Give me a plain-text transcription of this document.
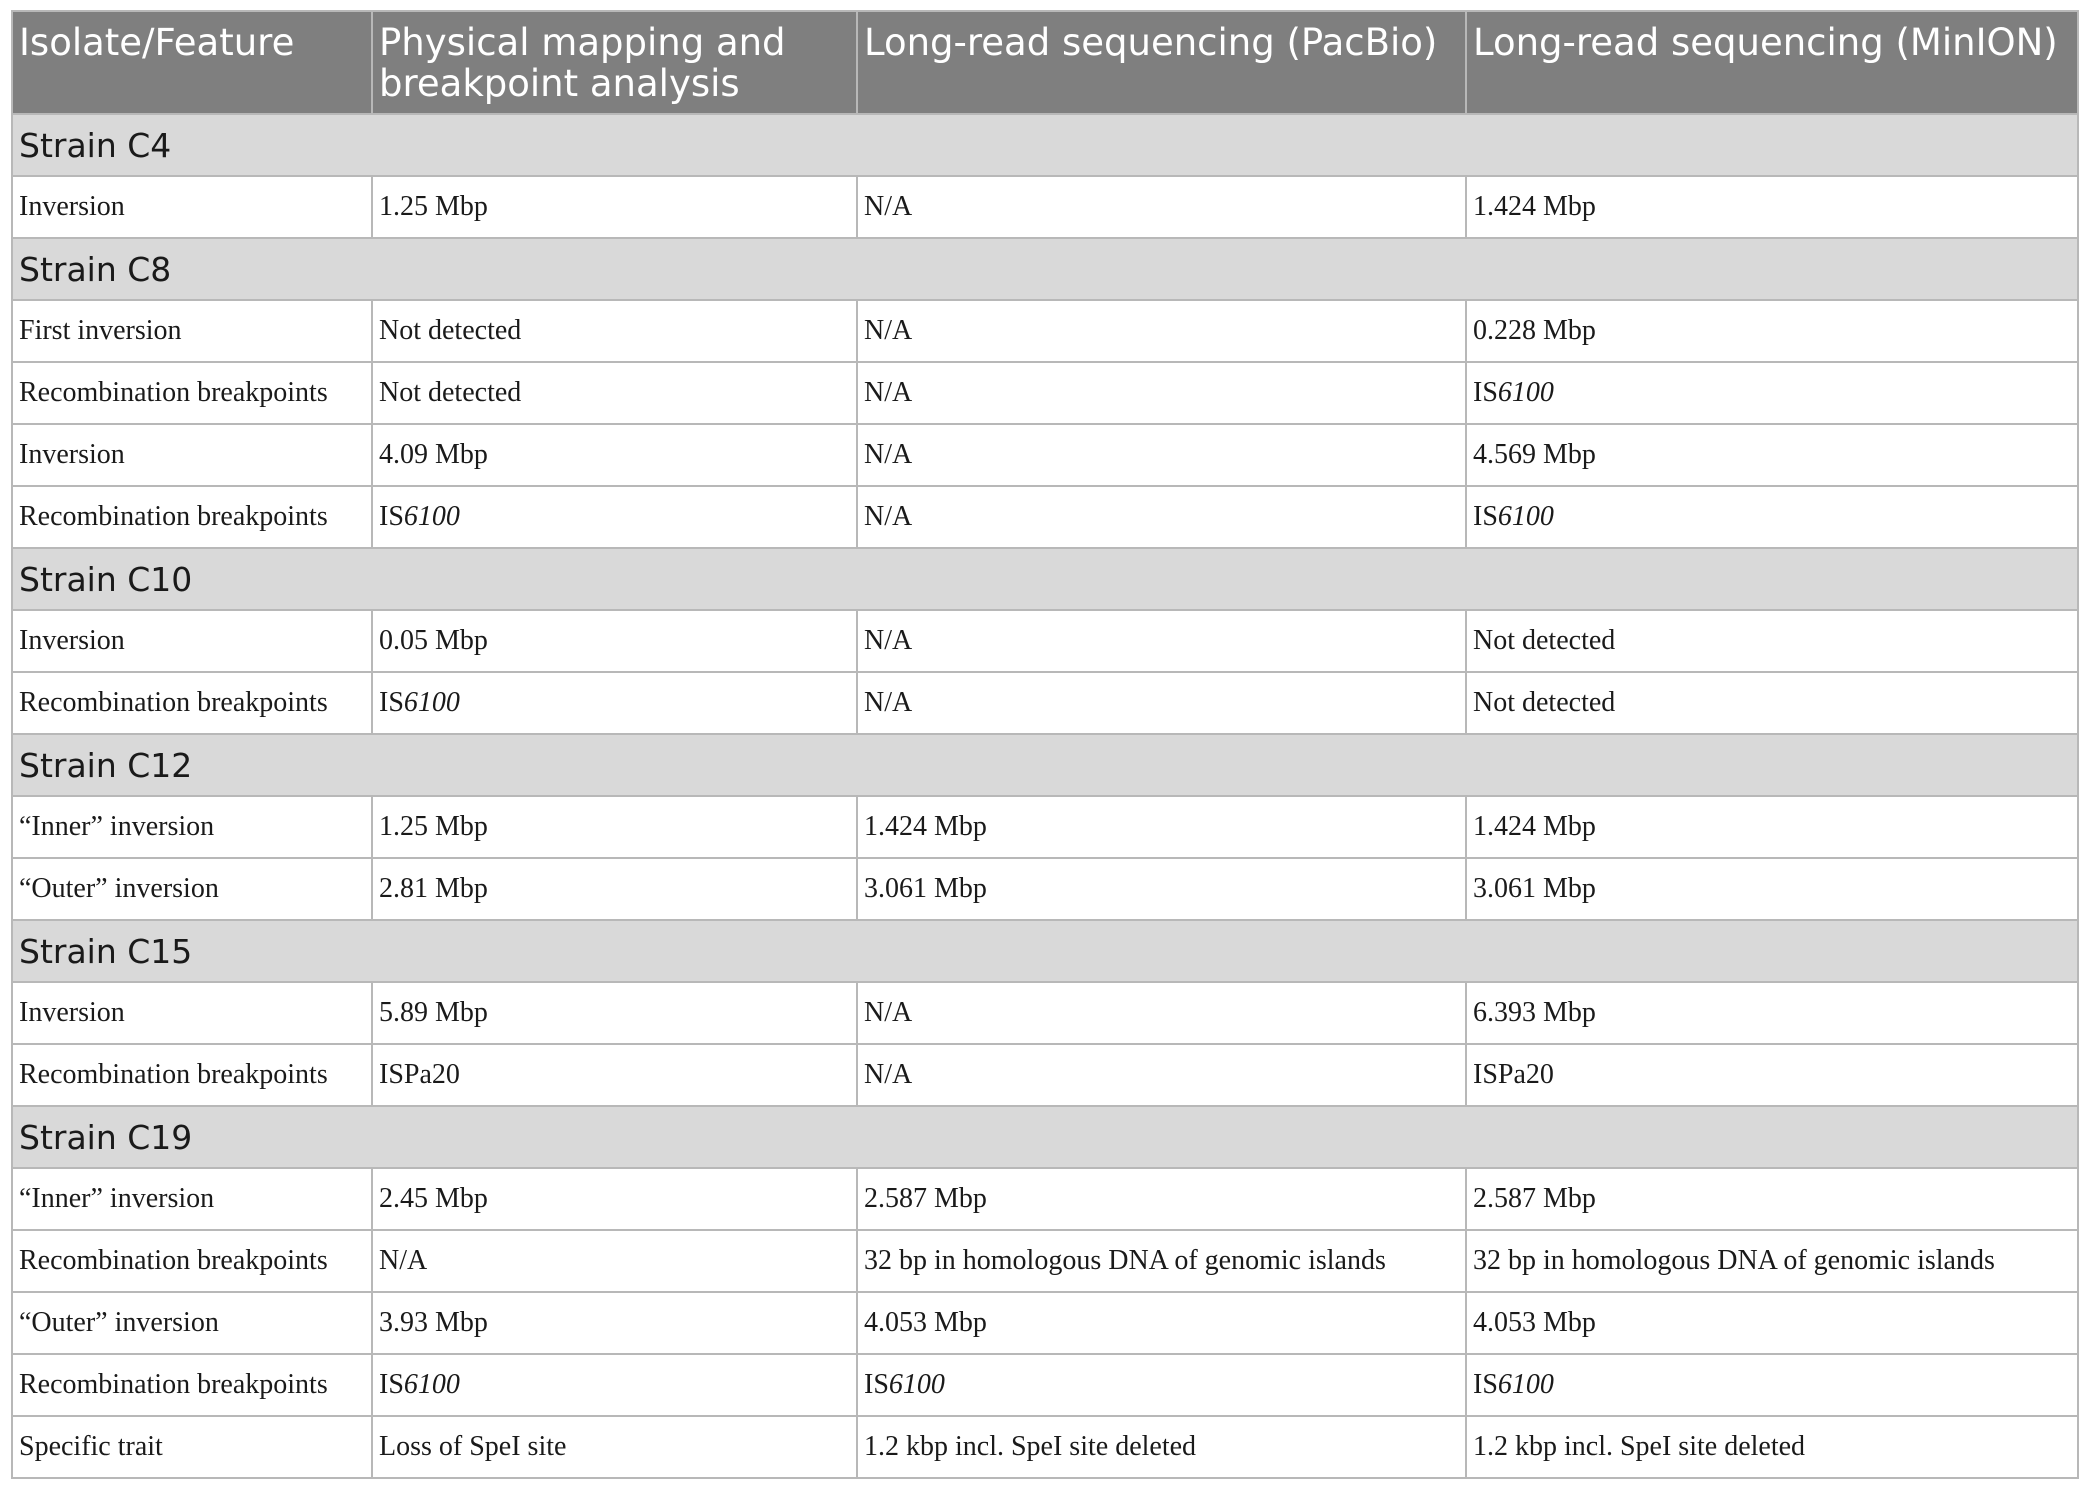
Isolate/Feature	Physical mapping and breakpoint analysis	Long-read sequencing (PacBio)	Long-read sequencing (MinION)
Strain C4			
Inversion	1.25 Mbp	N/A	1.424 Mbp
Strain C8			
First inversion	Not detected	N/A	0.228 Mbp
Recombination breakpoints	Not detected	N/A	IS6100
Inversion	4.09 Mbp	N/A	4.569 Mbp
Recombination breakpoints	IS6100	N/A	IS6100
Strain C10			
Inversion	0.05 Mbp	N/A	Not detected
Recombination breakpoints	IS6100	N/A	Not detected
Strain C12			
“Inner” inversion	1.25 Mbp	1.424 Mbp	1.424 Mbp
“Outer” inversion	2.81 Mbp	3.061 Mbp	3.061 Mbp
Strain C15			
Inversion	5.89 Mbp	N/A	6.393 Mbp
Recombination breakpoints	ISPa20	N/A	ISPa20
Strain C19			
“Inner” inversion	2.45 Mbp	2.587 Mbp	2.587 Mbp
Recombination breakpoints	N/A	32 bp in homologous DNA of genomic islands	32 bp in homologous DNA of genomic islands
“Outer” inversion	3.93 Mbp	4.053 Mbp	4.053 Mbp
Recombination breakpoints	IS6100	IS6100	IS6100
Specific trait	Loss of SpeI site	1.2 kbp incl. SpeI site deleted	1.2 kbp incl. SpeI site deleted
